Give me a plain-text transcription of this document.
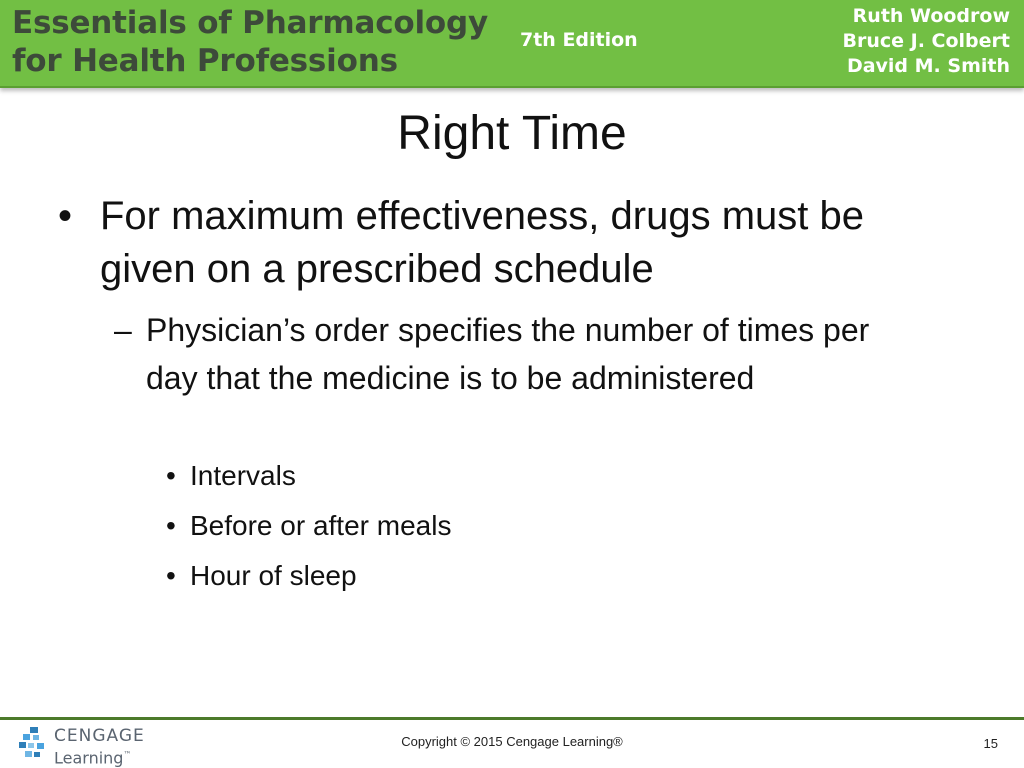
Essentials of Pharmacology
for Health Professions
7th Edition
Ruth Woodrow
Bruce J. Colbert
David M. Smith
Right Time
• For maximum effectiveness, drugs must be given on a prescribed schedule
– Physician’s order specifies the number of times per day that the medicine is to be administered
• Intervals
• Before or after meals
• Hour of sleep
CENGAGE
Learning™
Copyright © 2015 Cengage Learning®	15
